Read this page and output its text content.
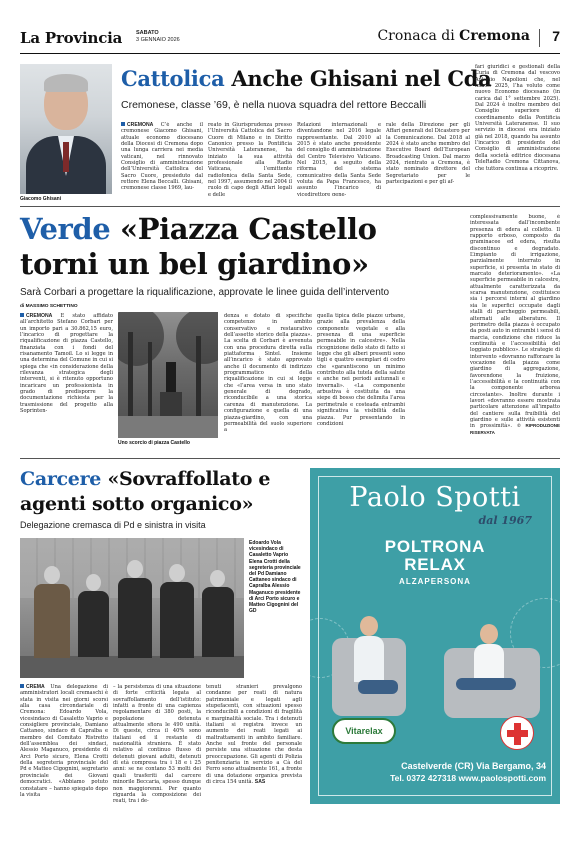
La Provincia	SABATO
3 GENNAIO 2026	Cronaca di Cremona 7
Giacomo Ghisani
Cattolica Anche Ghisani nel Cda
Cremonese, classe ’69, è nella nuova squadra del rettore Beccalli
CREMONA C’è anche il cremonese Giacomo Ghisani, attuale economo diocesano della Diocesi di Cremona dopo una lunga carriera nei media vaticani, nel rinnovato Consiglio di amministrazione dell’Università Cattolica del Sacro Cuore, presieduto dal rettore Elena Beccalli. Ghisani, cremonese classe 1969, lau-
reato in Giurisprudenza presso l’Università Cattolica del Sacro Cuore di Milano e in Diritto Canonico presso la Pontificia Università Lateranense, ha iniziato la sua attività professionale alla Radio Vaticana, l’emittente radiofonica della Santa Sede, nel 1997, assumendo nel 2004 il ruolo di capo degli Affari legali e delle
Relazioni internazionali e diventandone nel 2016 legale rappresentante. Dal 2010 al 2015 è stato anche presidente del consiglio di amministrazione del Centro Televisivo Vaticano. Nel 2015, a seguito della riforma del sistema comunicativo della Santa Sede voluta da Papa Francesco, ha assunto l’incarico di vicedirettore gene-
rale della Direzione per gli Affari generali del Dicastero per la Comunicazione. Dal 2018 al 2024 è stato anche membro del Executive Board dell’European Broadcasting Union. Dal marzo 2024, rientrato a Cremona, è stato nominato direttore del Segretariato per le partecipazioni e per gli af-
fari giuridici e gestionali della Curia di Cremona dal vescovo Antonio Napolioni che, nel marzo 2025, l’ha voluto come nuovo Economo diocesano (in carica dal 1° settembre 2025). Dal 2024 è inoltre membro del Consiglio superiore di coordinamento della Pontificia Università Lateranense. Il suo servizio in diocesi era iniziato già nel 2018, quando ha assunto l’incarico di presidente del Consiglio di amministrazione della società editrice diocesana TeleRadio Cremona Cittanova, che tuttora continua a ricoprire.
Verde «Piazza Castello torni un bel giardino»
Sarà Corbari a progettare la riqualificazione, approvate le linee guida dell’intervento
di MASSIMO SCHETTINO
CREMONA È stato affidato all’architetto Stefano Corbari per un importo pari a 30.862,15 euro, l’incarico di progettare la riqualificazione di piazza Castello, finanziata con i fondi del risanamento Tamoil. Lo si legge in una determina del Comune in cui si spiega che «in considerazione della rilevanza strategica degli interventi, si è ritenuto opportuno incaricare un professionista in grado di predisporre la documentazione richiesta per la trasmissione del progetto alla Soprinten-
Uno scorcio di piazza Castello
denza e dotato di specifiche competenze in ambito conservativo e restaurativo dell’assetto storico della piazza». La scelta di Corbari è avvenuta con una procedura diretta sulla piattaforma Sintel. Insieme all’incarico è stato approvato anche il documento di indirizzo programmatico della riqualificazione in cui si legge che «l’area versa in uno stato generale di degrado, riconducibile a una storica carenza di manutenzione. La configurazione e quella di una piazza-giardino, con una permeabilità del suolo superiore a
quella tipica delle piazze urbane, grazie alla prevalenza della componente vegetale e alla presenza di una superficie permeabile in calcestre». Nella ricognizione dello stato di fatto si legge che gli alberi presenti sono tigli e quattro esemplari di cedro che «garantiscono un minimo contributo alla tutela della salute e anche nei periodi autunnali e invernali». «La componente arbustiva è costituita da una siepe di bosso che delimita l’area perimetrale e costeada entrambi significativa la visibilità della piazza. Pur presentando in condizioni
complessivamente buone, è interessata dall’incombente presenza di edera al colletto. Il rapporto erboso, composto da graminacee ed edera, risulta discontinuo e degradato. L’impianto di irrigazione, parzialmente interrato in superficie, si presenta in stato di marcato deterioramento». «La superficie permeabile in calcestre, attualmente caratterizzata da scarsa manutenzione, costituisce sia i percorsi interni al giardino sia le superfici occupate dagli stalli di parcheggio permeabili, alternati alle alberature. Il perimetro della piazza è occupato da posti auto in entrambi i sensi di marcia, condizione che riduce la continuità e l’accessibilità del loggiato pubblico». Le strategie di intervento «dovranno rafforzare la vocazione della piazza come giardino di aggregazione, favorendone la fruizione, l’accessibilità e la continuità con la componente arborea circostante». Inoltre durante i lavori «dovranno essere mostrata particolare attenzione all’impatto del cantiere sulla fruibilità del giardino e sulle attività esistenti in prossimità». © RIPRODUZIONE RISERVATA
Carcere «Sovraffollato e agenti sotto organico»
Delegazione cremasca di Pd e sinistra in visita
Edoardo Vola vicesindaco di Casaletto Vaprio Elena Crotti della segreteria provinciale del Pd Damiano Cattaneo sindaco di Capralba Alessio Maganuco presidente di Arci Porto sicuro e Matteo Cigognini del GD
CREMA Una delegazione di amministratori locali cremaschi è stata in visita nei giorni scorsi alla casa circondariale di Cremona: Edoardo Vola, vicesindaco di Casaletto Vaprio e consigliere provinciale, Damiano Cattaneo, sindaco di Capralba e membro del Comitato Ristretto dell’assemblea dei sindaci, Alessio Maganuco, presidente di Arci Porto sicuro, Elena Crotti della segreteria provinciale del Pd e Matteo Cigognini, segretario provinciale dei Giovani democratici. «Abbiamo potuto constatare – hanno spiegato dopo la visita
– la persistenza di una situazione di forte criticità legata al sovraffollamento dell’istituto: infatti a fronte di una capienza regolamentare di 380 posti, la popolazione detenuta attualmente sfiora le 490 unità. Di queste, circa il 40% sono italiani ed il restante di nazionalità straniera. È stato relativo al continuo flusso di detenuti giovani adulti, detenuti di età compresa tra i 18 e i 25 anni: se ne contano 53 molti dei quali trasferiti dal carcere minorile Beccaria, spesso dunque non maggiorenni. Per quanto riguarda la composizione dei reati, tra i de-
tenuti stranieri prevalgono condanne per reati di natura patrimoniale e legati agli stupefacenti, con situazioni spesso riconducibili a condizioni di fragilità e marginalità sociale. Tra i detenuti italiani si registra invece un aumento dei reati legati ai maltrattamenti in ambito familiare. Anche sul fronte del personale persiste una situazione che desta preoccupazione. Gli agenti di Polizia penitenziaria in servizio a Cà del Ferro sono attualmente 161, a fronte di una dotazione organica prevista di circa 154 unità. SAS
Paolo Spotti
dal 1967
POLTRONA
RELAX
ALZAPERSONA
Vitarelax
Castelverde (CR) Via Bergamo, 34
Tel. 0372 427318 www.paolospotti.com
